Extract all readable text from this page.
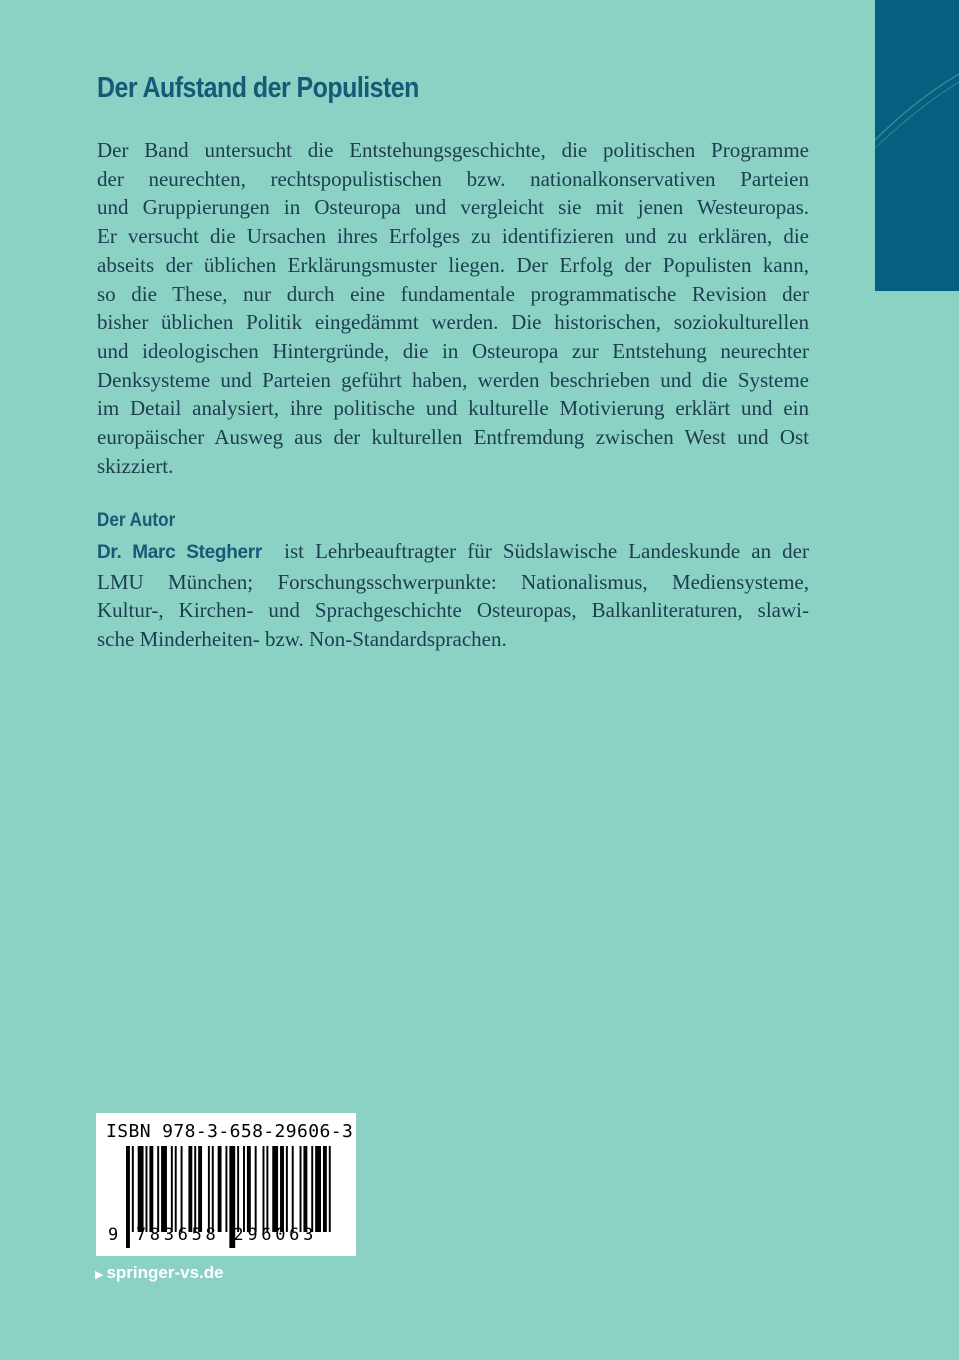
Der Aufstand der Populisten
Der Band untersucht die Entstehungsgeschichte, die politischen Programme
der neurechten, rechtspopulistischen bzw. nationalkonservativen Parteien
und Gruppierungen in Osteuropa und vergleicht sie mit jenen Westeuropas.
Er versucht die Ursachen ihres Erfolges zu identifizieren und zu erklären, die
abseits der üblichen Erklärungsmuster liegen. Der Erfolg der Populisten kann,
so die These, nur durch eine fundamentale programmatische Revision der
bisher üblichen Politik eingedämmt werden. Die historischen, soziokulturellen
und ideologischen Hintergründe, die in Osteuropa zur Entstehung neurechter
Denksysteme und Parteien geführt haben, werden beschrieben und die Systeme
im Detail analysiert, ihre politische und kulturelle Motivierung erklärt und ein
europäischer Ausweg aus der kulturellen Entfremdung zwischen West und Ost
skizziert.
Der Autor
Dr. Marc Stegherr ist Lehrbeauftragter für Südslawische Landeskunde an der
LMU München; Forschungsschwerpunkte: Nationalismus, Mediensysteme,
Kultur-, Kirchen- und Sprachgeschichte Osteuropas, Balkanliteraturen, slawi-
sche Minderheiten- bzw. Non-Standardsprachen.
ISBN 978-3-658-29606-3
9 783658 296063
▶ springer-vs.de
